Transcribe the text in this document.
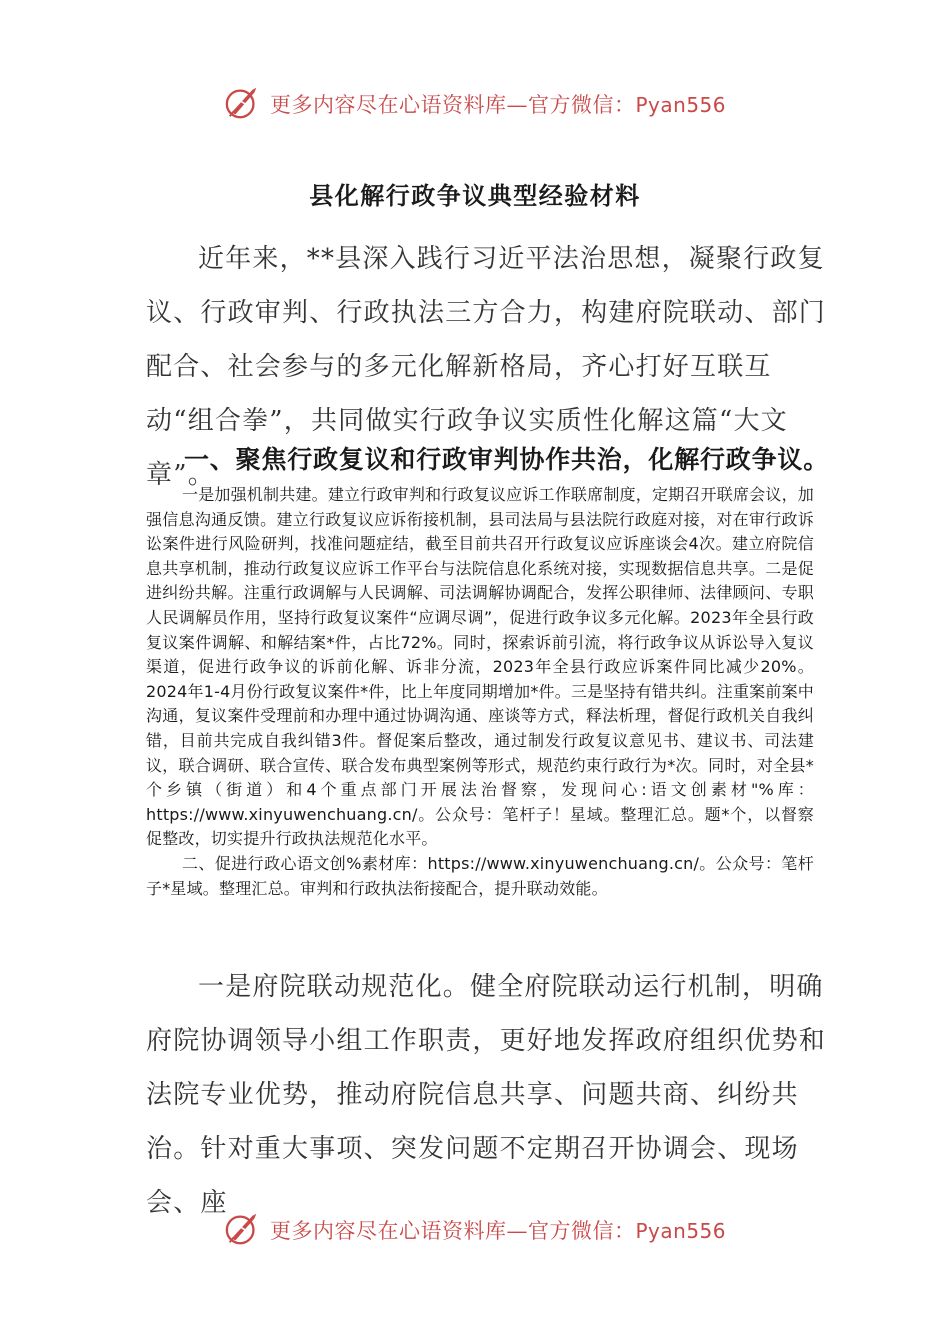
更多内容尽在心语资料库—官方微信：Pyan556
县化解行政争议典型经验材料

近年来，**县深入践行习近平法治思想，凝聚行政复议、行政审判、行政执法三方合力，构建府院联动、部门配合、社会参与的多元化解新格局，齐心打好互联互动“组合拳”，共同做实行政争议实质性化解这篇“大文章”。

一、聚焦行政复议和行政审判协作共治，化解行政争议。

一是加强机制共建。建立行政审判和行政复议应诉工作联席制度，定期召开联席会议，加强信息沟通反馈。建立行政复议应诉衔接机制，县司法局与县法院行政庭对接，对在审行政诉讼案件进行风险研判，找准问题症结，截至目前共召开行政复议应诉座谈会4次。建立府院信息共享机制，推动行政复议应诉工作平台与法院信息化系统对接，实现数据信息共享。二是促进纠纷共解。注重行政调解与人民调解、司法调解协调配合，发挥公职律师、法律顾问、专职人民调解员作用，坚持行政复议案件“应调尽调”，促进行政争议多元化解。2023年全县行政复议案件调解、和解结案*件，占比72%。同时，探索诉前引流，将行政争议从诉讼导入复议渠道，促进行政争议的诉前化解、诉非分流，2023年全县行政应诉案件同比减少20%。2024年1-4月份行政复议案件*件，比上年度同期增加*件。三是坚持有错共纠。注重案前案中沟通，复议案件受理前和办理中通过协调沟通、座谈等方式，释法析理，督促行政机关自我纠错，目前共完成自我纠错3件。督促案后整改，通过制发行政复议意见书、建议书、司法建议，联合调研、联合宣传、联合发布典型案例等形式，规范约束行政行为*次。同时，对全县*个乡镇（街道）和4个重点部门开展法治督察，发现问心:语文创素材"%库：https://www.xinyuwenchuang.cn/。公众号：笔杆子！星域。整理汇总。题*个，以督察促整改，切实提升行政执法规范化水平。

二、促进行政心语文创%素材库：https://www.xinyuwenchuang.cn/。公众号：笔杆子*星域。整理汇总。审判和行政执法衔接配合，提升联动效能。

一是府院联动规范化。健全府院联动运行机制，明确府院协调领导小组工作职责，更好地发挥政府组织优势和法院专业优势，推动府院信息共享、问题共商、纠纷共治。针对重大事项、突发问题不定期召开协调会、现场会、座

更多内容尽在心语资料库—官方微信：Pyan556
